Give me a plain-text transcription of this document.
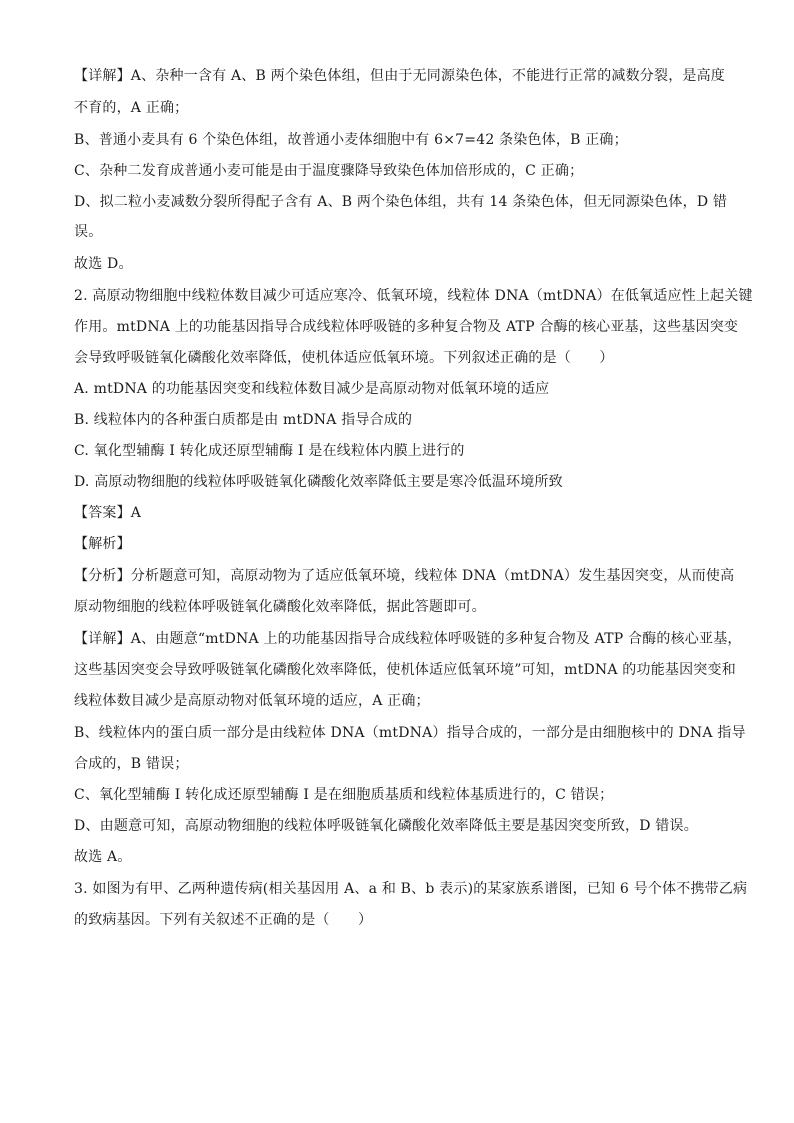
【详解】A、杂种一含有 A、B 两个染色体组，但由于无同源染色体，不能进行正常的减数分裂，是高度
不育的，A 正确；
B、普通小麦具有 6 个染色体组，故普通小麦体细胞中有 6×7=42 条染色体，B 正确；
C、杂种二发育成普通小麦可能是由于温度骤降导致染色体加倍形成的，C 正确；
D、拟二粒小麦减数分裂所得配子含有 A、B 两个染色体组，共有 14 条染色体，但无同源染色体，D 错
误。
故选 D。
2. 高原动物细胞中线粒体数目减少可适应寒冷、低氧环境，线粒体 DNA（mtDNA）在低氧适应性上起关键
作用。mtDNA 上的功能基因指导合成线粒体呼吸链的多种复合物及 ATP 合酶的核心亚基，这些基因突变
会导致呼吸链氧化磷酸化效率降低，使机体适应低氧环境。下列叙述正确的是（　　）
A. mtDNA 的功能基因突变和线粒体数目减少是高原动物对低氧环境的适应
B. 线粒体内的各种蛋白质都是由 mtDNA 指导合成的
C. 氧化型辅酶 I 转化成还原型辅酶 I 是在线粒体内膜上进行的
D. 高原动物细胞的线粒体呼吸链氧化磷酸化效率降低主要是寒冷低温环境所致
【答案】A
【解析】
【分析】分析题意可知，高原动物为了适应低氧环境，线粒体 DNA（mtDNA）发生基因突变，从而使高
原动物细胞的线粒体呼吸链氧化磷酸化效率降低，据此答题即可。
【详解】A、由题意“mtDNA 上的功能基因指导合成线粒体呼吸链的多种复合物及 ATP 合酶的核心亚基，
这些基因突变会导致呼吸链氧化磷酸化效率降低，使机体适应低氧环境”可知，mtDNA 的功能基因突变和
线粒体数目减少是高原动物对低氧环境的适应，A 正确；
B、线粒体内的蛋白质一部分是由线粒体 DNA（mtDNA）指导合成的，一部分是由细胞核中的 DNA 指导
合成的，B 错误；
C、氧化型辅酶 I 转化成还原型辅酶 I 是在细胞质基质和线粒体基质进行的，C 错误；
D、由题意可知，高原动物细胞的线粒体呼吸链氧化磷酸化效率降低主要是基因突变所致，D 错误。
故选 A。
3. 如图为有甲、乙两种遗传病(相关基因用 A、a 和 B、b 表示)的某家族系谱图，已知 6 号个体不携带乙病
的致病基因。下列有关叙述不正确的是（　　）
